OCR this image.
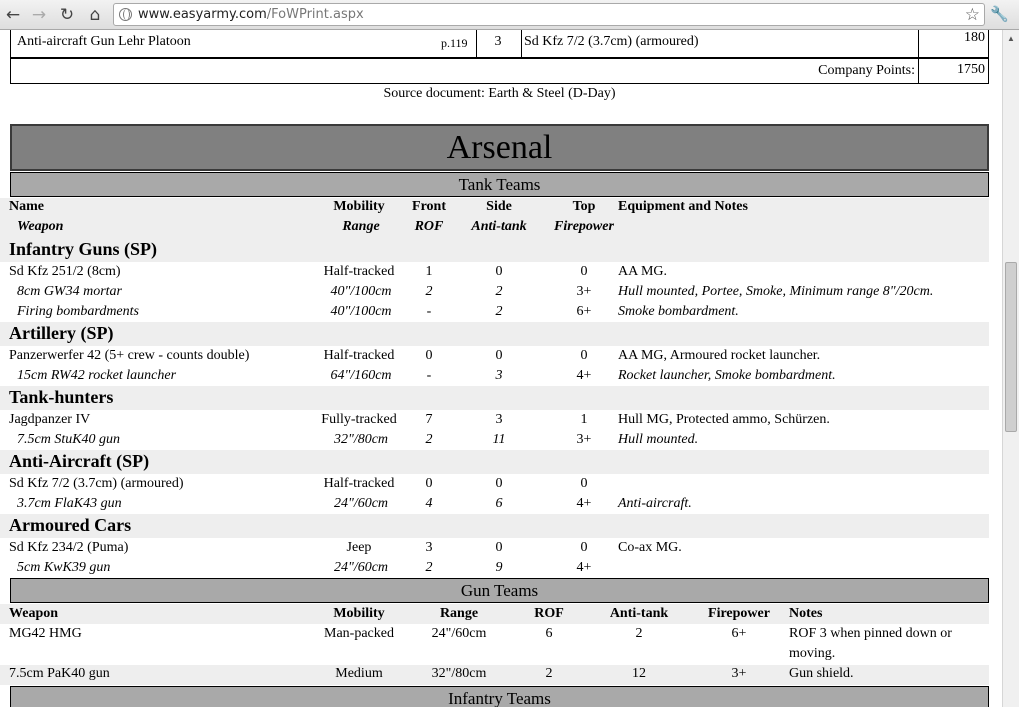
← → ↻ ⌂	www.easyarmy.com/FoWPrint.aspx	☆ 🔧
▲
Anti-aircraft Gun Lehr Platoon	p.119	3	Sd Kfz 7/2 (3.7cm) (armoured)	180
Company Points:	1750
Source document: Earth & Steel (D-Day)
Arsenal
Tank Teams
Name	Mobility	Front	Side	Top	Equipment and Notes
Weapon	Range	ROF	Anti-tank	Firepower
Infantry Guns (SP)
Sd Kfz 251/2 (8cm)	Half-tracked	1	0	0	AA MG.
8cm GW34 mortar	40"/100cm	2	2	3+	Hull mounted, Portee, Smoke, Minimum range 8"/20cm.
Firing bombardments	40"/100cm	-	2	6+	Smoke bombardment.
Artillery (SP)
Panzerwerfer 42 (5+ crew - counts double)	Half-tracked	0	0	0	AA MG, Armoured rocket launcher.
15cm RW42 rocket launcher	64"/160cm	-	3	4+	Rocket launcher, Smoke bombardment.
Tank-hunters
Jagdpanzer IV	Fully-tracked	7	3	1	Hull MG, Protected ammo, Schürzen.
7.5cm StuK40 gun	32"/80cm	2	11	3+	Hull mounted.
Anti-Aircraft (SP)
Sd Kfz 7/2 (3.7cm) (armoured)	Half-tracked	0	0	0
3.7cm FlaK43 gun	24"/60cm	4	6	4+	Anti-aircraft.
Armoured Cars
Sd Kfz 234/2 (Puma)	Jeep	3	0	0	Co-ax MG.
5cm KwK39 gun	24"/60cm	2	9	4+
Gun Teams
Weapon	Mobility	Range	ROF	Anti-tank	Firepower	Notes
MG42 HMG	Man-packed	24"/60cm	6	2	6+	ROF 3 when pinned down or
moving.
7.5cm PaK40 gun	Medium	32"/80cm	2	12	3+	Gun shield.
Infantry Teams
